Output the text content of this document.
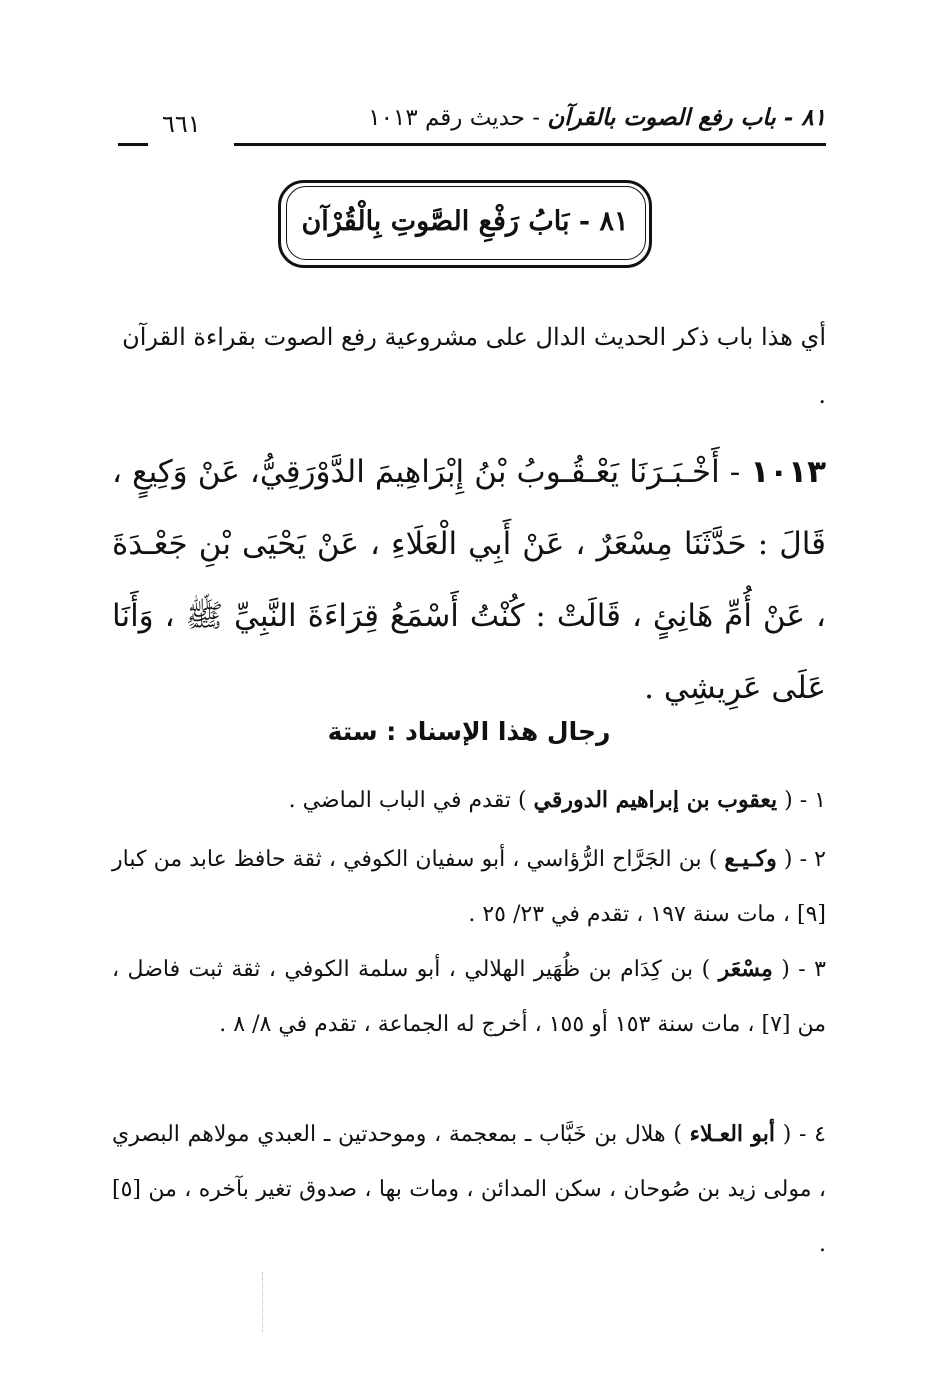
٨١ - باب رفع الصوت بالقرآن - حديث رقم ١٠١٣
٦٦١
٨١ - بَابُ رَفْعِ الصَّوتِ بِالْقُرْآن
أي هذا باب ذكر الحديث الدال على مشروعية رفع الصوت بقراءة القرآن .
١٠١٣ - أَخْـبَـرَنَا يَعْـقُـوبُ بْنُ إِبْرَاهِيمَ الدَّوْرَقِيُّ، عَنْ وَكِيعٍ ، قَالَ : حَدَّثَنَا مِسْعَرٌ ، عَنْ أَبِي الْعَلَاءِ ، عَنْ يَحْيَى بْنِ جَعْـدَةَ ، عَنْ أُمِّ هَانِئٍ ، قَالَتْ : كُنْتُ أَسْمَعُ قِرَاءَةَ النَّبِيِّ ﷺ ، وَأَنَا عَلَى عَرِيشِي .
رجال هذا الإسناد : ستة
١ - ( يعقوب بن إبراهيم الدورقي ) تقدم في الباب الماضي .
٢ - ( وكـيـع ) بن الجَرَّاح الرُّؤاسي ، أبو سفيان الكوفي ، ثقة حافظ عابد من كبار [٩] ، مات سنة ١٩٧ ، تقدم في ٢٣/ ٢٥ .
٣ - ( مِسْعَر ) بن كِدَام بن ظُهَير الهلالي ، أبو سلمة الكوفي ، ثقة ثبت فاضل ، من [٧] ، مات سنة ١٥٣ أو ١٥٥ ، أخرج له الجماعة ، تقدم في ٨/ ٨ .
٤ - ( أبو العـلاء ) هلال بن خَبَّاب ـ بمعجمة ، وموحدتين ـ العبدي مولاهم البصري ، مولى زيد بن صُوحان ، سكن المدائن ، ومات بها ، صدوق تغير بآخره ، من [٥] .
